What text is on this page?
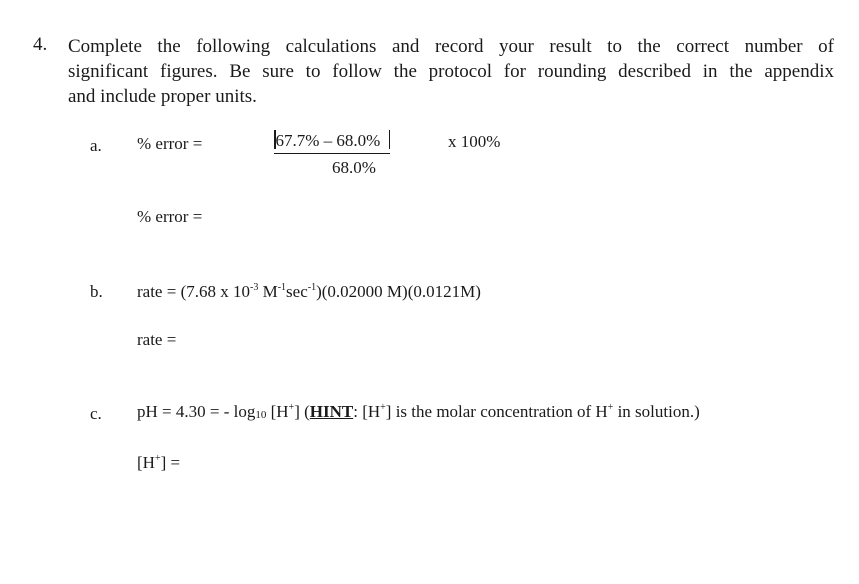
4. Complete the following calculations and record your result to the correct number of
significant figures. Be sure to follow the protocol for rounding described in the appendix
and include proper units.
a. % error =	67.7% – 68.0%	x 100%
68.0%
% error =
b. rate = (7.68 x $10^{-3}$ $M^{-1}\sec^{-1})(0.02000$ M)(0.0121M)
rate =
c. pH = 4.30 = - $\log_{10} [H^+]$ (HINT: [H+] is the molar concentration of H+ in solution.)
[H+] =
